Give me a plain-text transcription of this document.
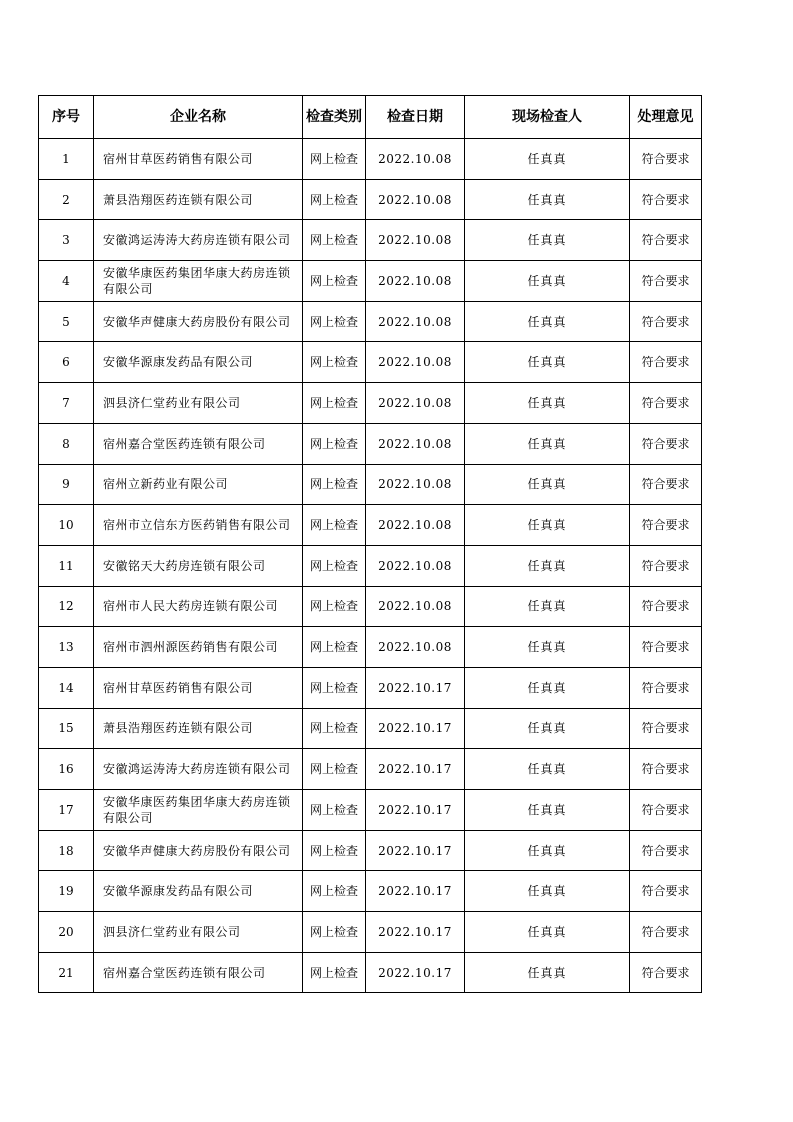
序号	企业名称	检查类别	检查日期	现场检查人	处理意见
1	宿州甘草医药销售有限公司	网上检查	2022.10.08	任真真	符合要求
2	萧县浩翔医药连锁有限公司	网上检查	2022.10.08	任真真	符合要求
3	安徽鸿运涛涛大药房连锁有限公司	网上检查	2022.10.08	任真真	符合要求
4	安徽华康医药集团华康大药房连锁有限公司	网上检查	2022.10.08	任真真	符合要求
5	安徽华声健康大药房股份有限公司	网上检查	2022.10.08	任真真	符合要求
6	安徽华源康发药品有限公司	网上检查	2022.10.08	任真真	符合要求
7	泗县济仁堂药业有限公司	网上检查	2022.10.08	任真真	符合要求
8	宿州嘉合堂医药连锁有限公司	网上检查	2022.10.08	任真真	符合要求
9	宿州立新药业有限公司	网上检查	2022.10.08	任真真	符合要求
10	宿州市立信东方医药销售有限公司	网上检查	2022.10.08	任真真	符合要求
11	安徽铭天大药房连锁有限公司	网上检查	2022.10.08	任真真	符合要求
12	宿州市人民大药房连锁有限公司	网上检查	2022.10.08	任真真	符合要求
13	宿州市泗州源医药销售有限公司	网上检查	2022.10.08	任真真	符合要求
14	宿州甘草医药销售有限公司	网上检查	2022.10.17	任真真	符合要求
15	萧县浩翔医药连锁有限公司	网上检查	2022.10.17	任真真	符合要求
16	安徽鸿运涛涛大药房连锁有限公司	网上检查	2022.10.17	任真真	符合要求
17	安徽华康医药集团华康大药房连锁有限公司	网上检查	2022.10.17	任真真	符合要求
18	安徽华声健康大药房股份有限公司	网上检查	2022.10.17	任真真	符合要求
19	安徽华源康发药品有限公司	网上检查	2022.10.17	任真真	符合要求
20	泗县济仁堂药业有限公司	网上检查	2022.10.17	任真真	符合要求
21	宿州嘉合堂医药连锁有限公司	网上检查	2022.10.17	任真真	符合要求
